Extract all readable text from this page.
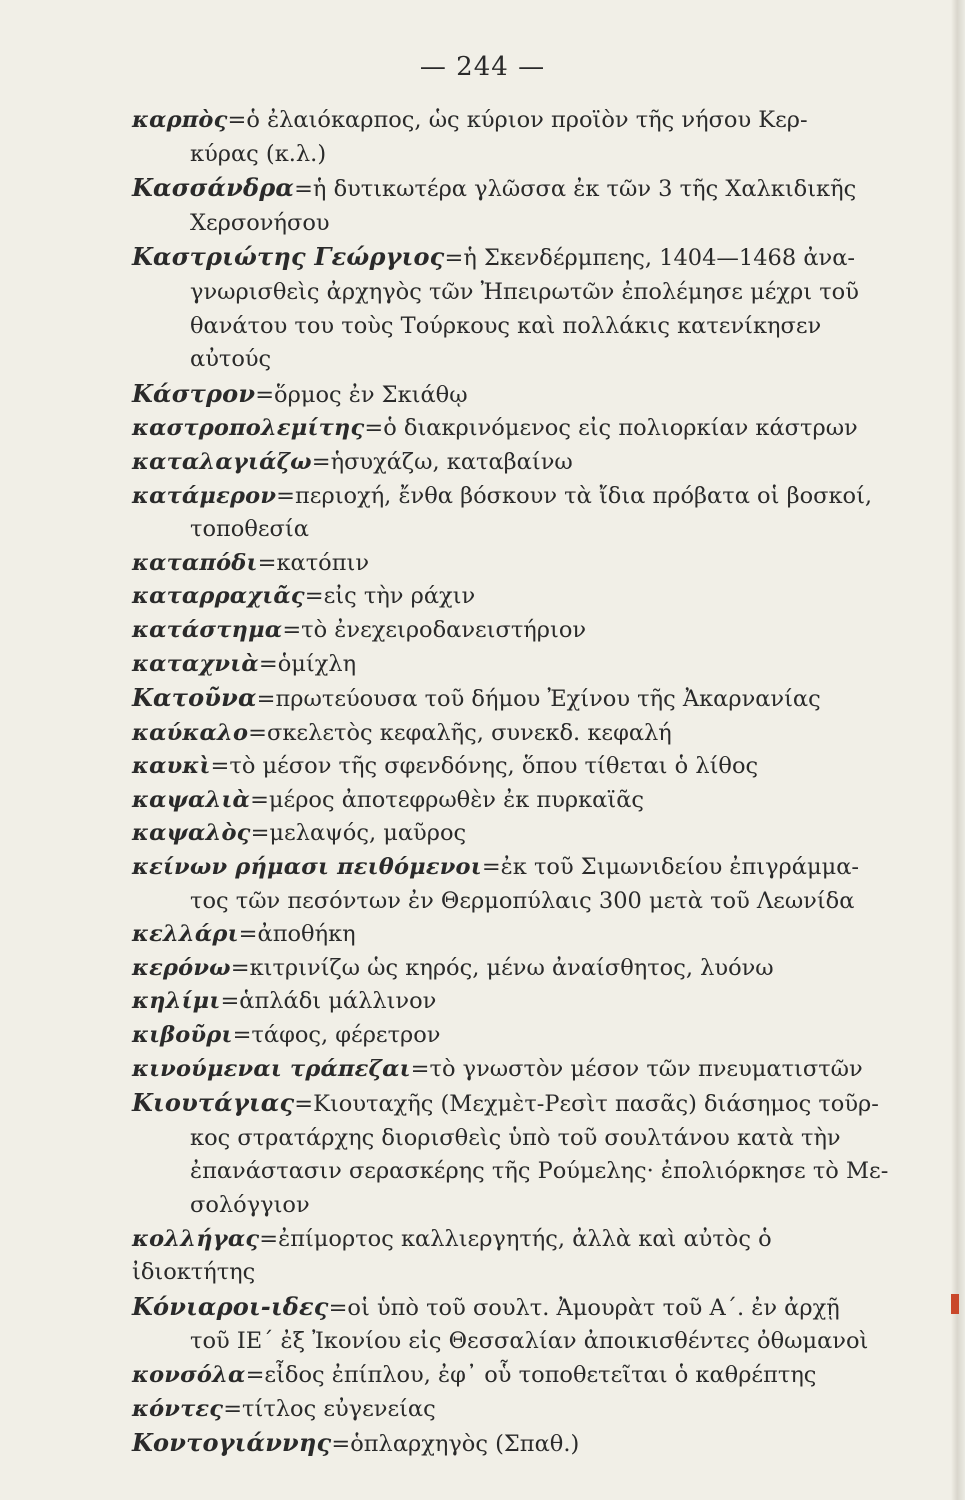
— 244 —
καρπὸς=ὁ ἐλαιόκαρπος, ὡς κύριον προϊὸν τῆς νήσου Κερ-
κύρας (κ.λ.)
Κασσάνδρα=ἡ δυτικωτέρα γλῶσσα ἐκ τῶν 3 τῆς Χαλκιδικῆς
Χερσονήσου
Καστριώτης Γεώργιος=ἡ Σκενδέρμπεης, 1404—1468 ἀνα-
γνωρισθεὶς ἀρχηγὸς τῶν Ἠπειρωτῶν ἐπολέμησε μέχρι τοῦ
θανάτου του τοὺς Τούρκους καὶ πολλάκις κατενίκησεν αὐτούς
Κάστρον=ὅρμος ἐν Σκιάθῳ
καστροπολεμίτης=ὁ διακρινόμενος εἰς πολιορκίαν κάστρων
καταλαγιάζω=ἡσυχάζω, καταβαίνω
κατάμερον=περιοχή, ἔνθα βόσκουν τὰ ἴδια πρόβατα οἱ βοσκοί,
τοποθεσία
καταπόδι=κατόπιν
καταρραχιᾶς=εἰς τὴν ράχιν
κατάστημα=τὸ ἐνεχειροδανειστήριον
καταχνιὰ=ὁμίχλη
Κατοῦνα=πρωτεύουσα τοῦ δήμου Ἐχίνου τῆς Ἀκαρνανίας
καύκαλο=σκελετὸς κεφαλῆς, συνεκδ. κεφαλή
καυκὶ=τὸ μέσον τῆς σφενδόνης, ὅπου τίθεται ὁ λίθος
καψαλιὰ=μέρος ἀποτεφρωθὲν ἐκ πυρκαϊᾶς
καψαλὸς=μελαψός, μαῦρος
κείνων ρήμασι πειθόμενοι=ἐκ τοῦ Σιμωνιδείου ἐπιγράμμα-
τος τῶν πεσόντων ἐν Θερμοπύλαις 300 μετὰ τοῦ Λεωνίδα
κελλάρι=ἀποθήκη
κερόνω=κιτρινίζω ὡς κηρός, μένω ἀναίσθητος, λυόνω
κηλίμι=ἁπλάδι μάλλινον
κιβοῦρι=τάφος, φέρετρον
κινούμεναι τράπεζαι=τὸ γνωστὸν μέσον τῶν πνευματιστῶν
Κιουτάγιας=Κιουταχῆς (Μεχμὲτ-Ρεσὶτ πασᾶς) διάσημος τοῦρ-
κος στρατάρχης διορισθεὶς ὑπὸ τοῦ σουλτάνου κατὰ τὴν
ἐπανάστασιν σερασκέρης τῆς Ρούμελης· ἐπολιόρκησε τὸ Με-
σολόγγιον
κολλήγας=ἐπίμορτος καλλιεργητής, ἀλλὰ καὶ αὐτὸς ὁ ἰδιοκτήτης
Κόνιαροι-ιδες=οἱ ὑπὸ τοῦ σουλτ. Ἀμουρὰτ τοῦ Α΄. ἐν ἀρχῇ
τοῦ ΙΕ΄ ἐξ Ἰκονίου εἰς Θεσσαλίαν ἀποικισθέντες ὀθωμανοὶ
κονσόλα=εἶδος ἐπίπλου, ἐφ᾽ οὗ τοποθετεῖται ὁ καθρέπτης
κόντες=τίτλος εὐγενείας
Κοντογιάννης=ὁπλαρχηγὸς (Σπαθ.)
